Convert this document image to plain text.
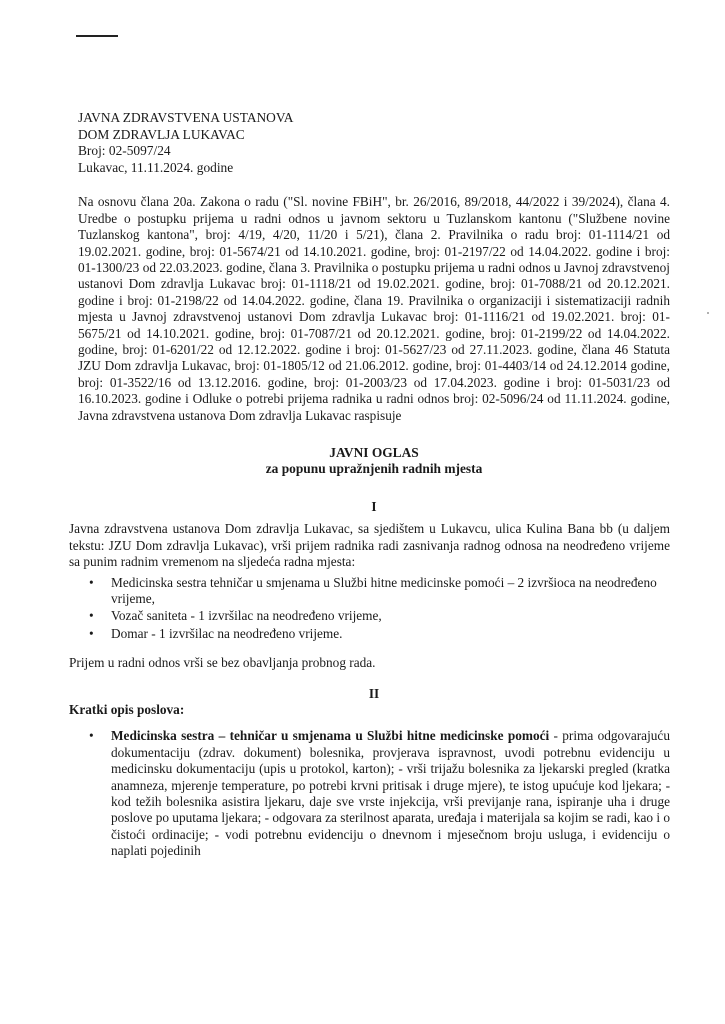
JAVNA ZDRAVSTVENA USTANOVA

DOM ZDRAVLJA LUKAVAC

Broj: 02-5097/24

Lukavac, 11.11.2024. godine

Na osnovu člana 20a. Zakona o radu ("Sl. novine FBiH", br. 26/2016, 89/2018, 44/2022 i 39/2024), člana 4. Uredbe o postupku prijema u radni odnos u javnom sektoru u Tuzlanskom kantonu ("Službene novine Tuzlanskog kantona", broj: 4/19, 4/20, 11/20 i 5/21), člana 2. Pravilnika o radu broj: 01-1114/21 od 19.02.2021. godine, broj: 01-5674/21 od 14.10.2021. godine, broj: 01-2197/22 od 14.04.2022. godine i broj: 01-1300/23 od 22.03.2023. godine, člana 3. Pravilnika o postupku prijema u radni odnos u Javnoj zdravstvenoj ustanovi Dom zdravlja Lukavac broj: 01-1118/21 od 19.02.2021. godine, broj: 01-7088/21 od 20.12.2021. godine i broj: 01-2198/22 od 14.04.2022. godine, člana 19. Pravilnika o organizaciji i sistematizaciji radnih mjesta u Javnoj zdravstvenoj ustanovi Dom zdravlja Lukavac broj: 01-1116/21 od 19.02.2021. broj: 01-5675/21 od 14.10.2021. godine, broj: 01-7087/21 od 20.12.2021. godine, broj: 01-2199/22 od 14.04.2022. godine, broj: 01-6201/22 od 12.12.2022. godine i broj: 01-5627/23 od 27.11.2023. godine, člana 46 Statuta JZU Dom zdravlja Lukavac, broj: 01-1805/12 od 21.06.2012. godine, broj: 01-4403/14 od 24.12.2014 godine, broj: 01-3522/16 od 13.12.2016. godine, broj: 01-2003/23 od 17.04.2023. godine i broj: 01-5031/23 od 16.10.2023. godine i Odluke o potrebi prijema radnika u radni odnos broj: 02-5096/24 od 11.11.2024. godine, Javna zdravstvena ustanova Dom zdravlja Lukavac raspisuje

JAVNI OGLAS
za popunu upražnjenih radnih mjesta
I

Javna zdravstvena ustanova Dom zdravlja Lukavac, sa sjedištem u Lukavcu, ulica Kulina Bana bb (u daljem tekstu: JZU Dom zdravlja Lukavac), vrši prijem radnika radi zasnivanja radnog odnosa na neodređeno vrijeme sa punim radnim vremenom na sljedeća radna mjesta:

• Medicinska sestra tehničar u smjenama u Službi hitne medicinske pomoći – 2 izvršioca na neodređeno vrijeme,
• Vozač saniteta - 1 izvršilac na neodređeno vrijeme,
• Domar - 1 izvršilac na neodređeno vrijeme.

Prijem u radni odnos vrši se bez obavljanja probnog rada.

II

Kratki opis poslova:

• Medicinska sestra – tehničar u smjenama u Službi hitne medicinske pomoći - prima odgovarajuću dokumentaciju (zdrav. dokument) bolesnika, provjerava ispravnost, uvodi potrebnu evidenciju u medicinsku dokumentaciju (upis u protokol, karton); - vrši trijažu bolesnika za ljekarski pregled (kratka anamneza, mjerenje temperature, po potrebi krvni pritisak i druge mjere), te istog upućuje kod ljekara; - kod težih bolesnika asistira ljekaru, daje sve vrste injekcija, vrši previjanje rana, ispiranje uha i druge poslove po uputama ljekara; - odgovara za sterilnost aparata, uređaja i materijala sa kojim se radi, kao i o čistoći ordinacije; - vodi potrebnu evidenciju o dnevnom i mjesečnom broju usluga, i evidenciju o naplati pojedinih
